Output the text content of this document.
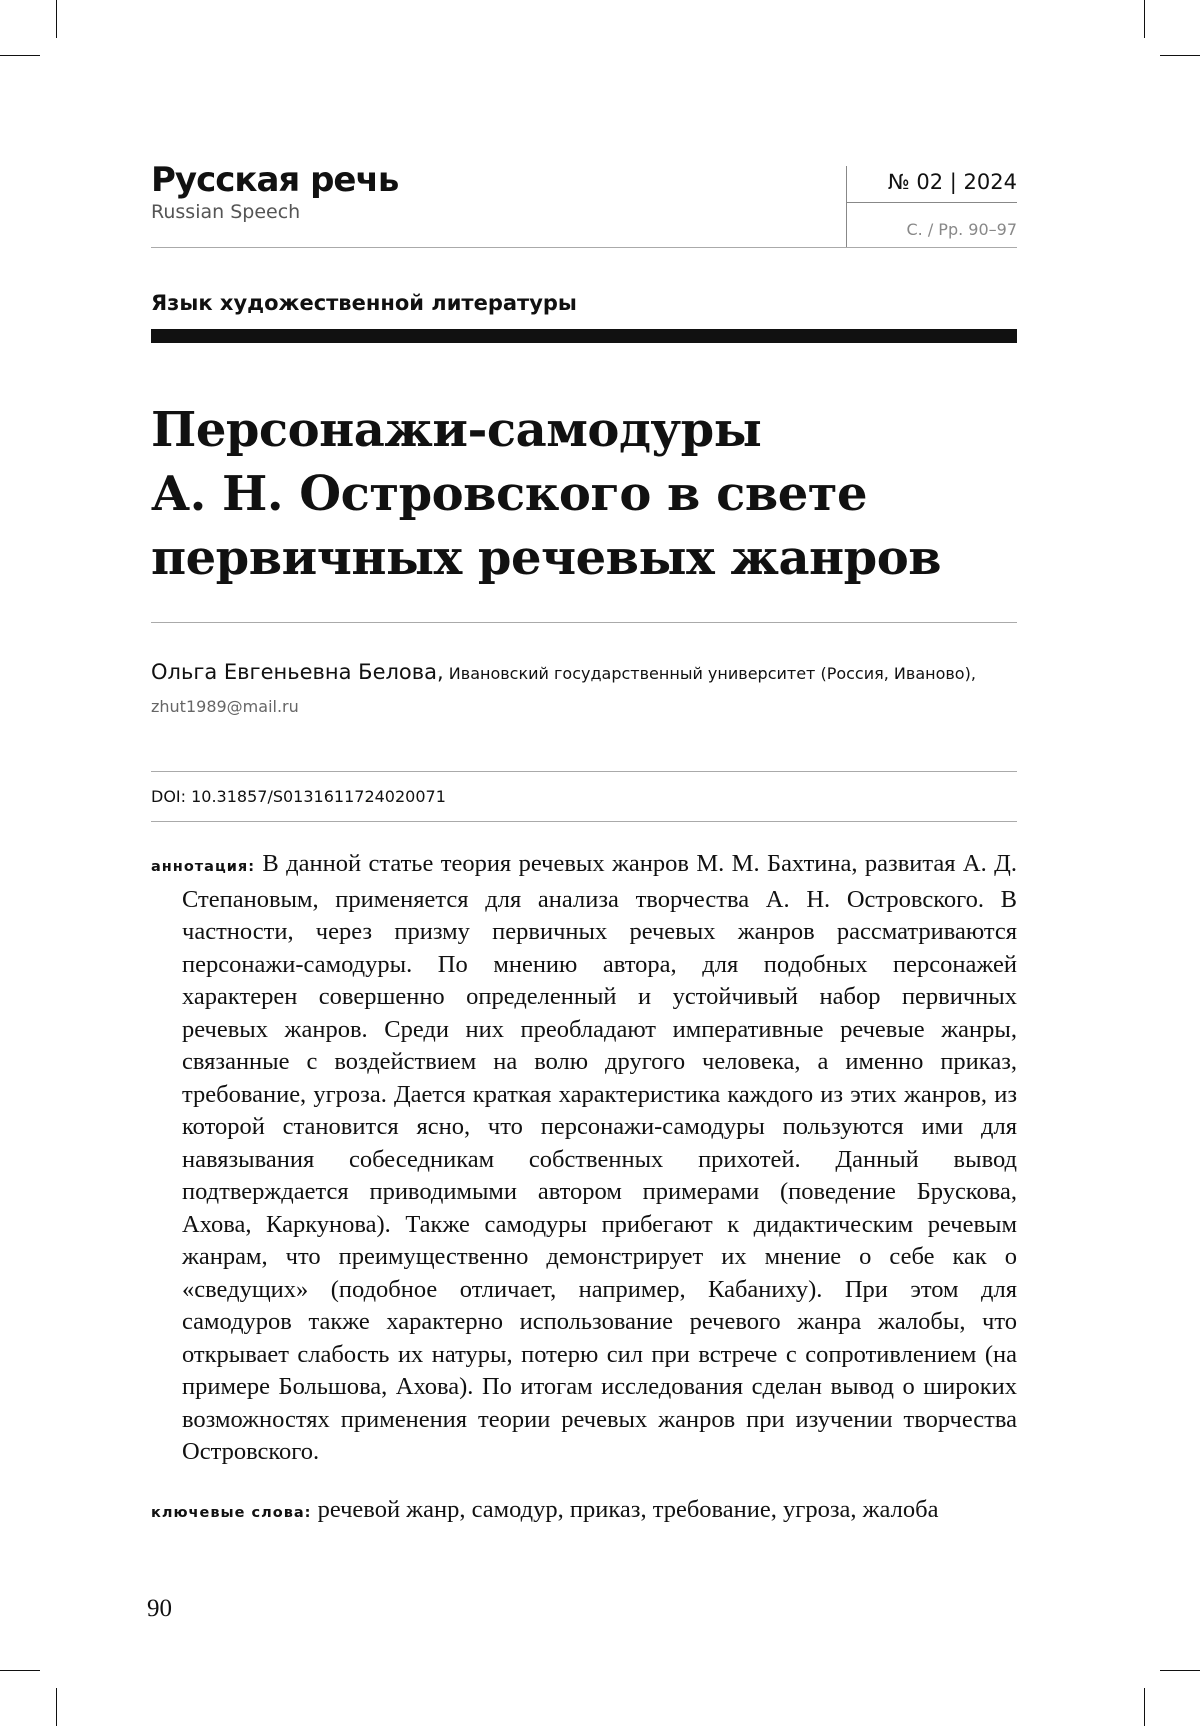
Русская речь
Russian Speech
№ 02 | 2024
С. / Pp. 90–97
Язык художественной литературы
Персонажи-самодуры
А. Н. Островского в свете
первичных речевых жанров
Ольга Евгеньевна Белова, Ивановский государственный университет (Россия, Иваново),
zhut1989@mail.ru
DOI: 10.31857/S0131611724020071
аннотация: В данной статье теория речевых жанров М. М. Бахтина, развитая А. Д. Степановым, применяется для анализа творчества А. Н. Островского. В частности, через призму первичных речевых жанров рассматриваются персонажи-самодуры. По мнению автора, для подобных персонажей характерен совершенно определенный и устойчивый набор первичных речевых жанров. Среди них преобладают императивные речевые жанры, связанные с воздействием на волю другого человека, а именно приказ, требование, угроза. Дается краткая характеристика каждого из этих жанров, из которой становится ясно, что персонажи-самодуры пользуются ими для навязывания собеседникам собственных прихотей. Данный вывод подтверждается приводимыми автором примерами (поведение Брускова, Ахова, Каркунова). Также самодуры прибегают к дидактическим речевым жанрам, что преимущественно демонстрирует их мнение о себе как о «сведущих» (подобное отличает, например, Кабаниху). При этом для самодуров также характерно использование речевого жанра жалобы, что открывает слабость их натуры, потерю сил при встрече с сопротивлением (на примере Большова, Ахова). По итогам исследования сделан вывод о широких возможностях применения теории речевых жанров при изучении творчества Островского.
ключевые слова: речевой жанр, самодур, приказ, требование, угроза, жалоба
90
